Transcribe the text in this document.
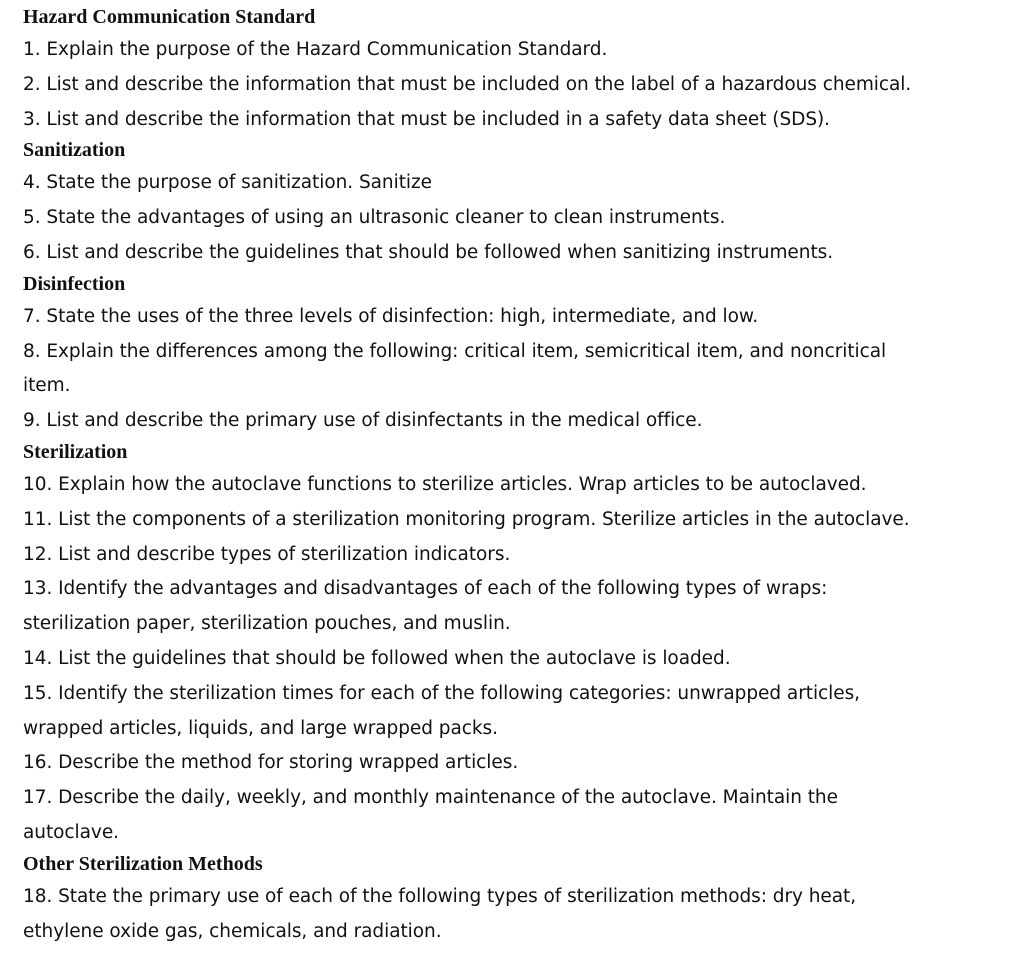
Hazard Communication Standard

1. Explain the purpose of the Hazard Communication Standard.

2. List and describe the information that must be included on the label of a hazardous chemical.

3. List and describe the information that must be included in a safety data sheet (SDS).

Sanitization

4. State the purpose of sanitization. Sanitize

5. State the advantages of using an ultrasonic cleaner to clean instruments.

6. List and describe the guidelines that should be followed when sanitizing instruments.

Disinfection

7. State the uses of the three levels of disinfection: high, intermediate, and low.

8. Explain the differences among the following: critical item, semicritical item, and noncritical item.

9. List and describe the primary use of disinfectants in the medical office.

Sterilization

10. Explain how the autoclave functions to sterilize articles. Wrap articles to be autoclaved.

11. List the components of a sterilization monitoring program. Sterilize articles in the autoclave.

12. List and describe types of sterilization indicators.

13. Identify the advantages and disadvantages of each of the following types of wraps: sterilization paper, sterilization pouches, and muslin.

14. List the guidelines that should be followed when the autoclave is loaded.

15. Identify the sterilization times for each of the following categories: unwrapped articles, wrapped articles, liquids, and large wrapped packs.

16. Describe the method for storing wrapped articles.

17. Describe the daily, weekly, and monthly maintenance of the autoclave. Maintain the autoclave.

Other Sterilization Methods

18. State the primary use of each of the following types of sterilization methods: dry heat, ethylene oxide gas, chemicals, and radiation.
